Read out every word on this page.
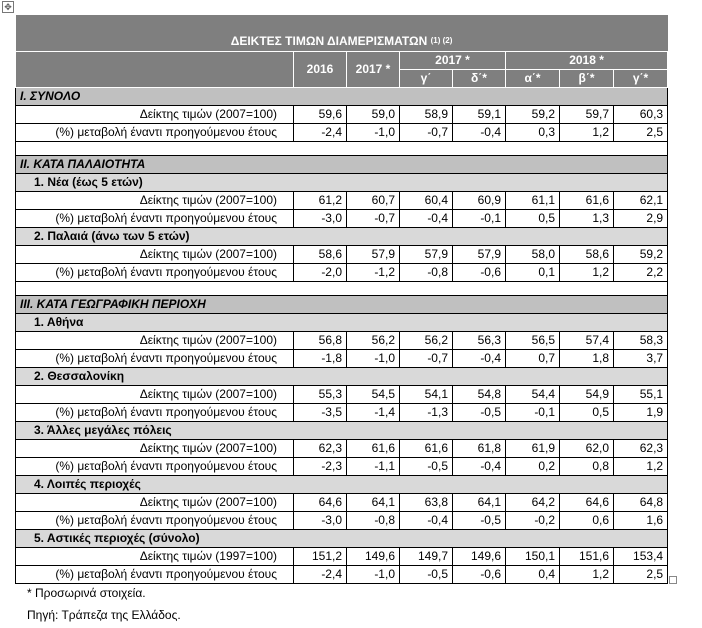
✥
ΔΕΙΚΤΕΣ ΤΙΜΩΝ ΔΙΑΜΕΡΙΣΜΑΤΩΝ $^{(1) (2)}$
	2016	2017 *	2017 *		2018 *		
			γ΄	δ΄*	α΄*	β΄*	γ΄*
I. ΣΥΝΟΛΟ							
Δείκτης τιμών (2007=100)	59,6	59,0	58,9	59,1	59,2	59,7	60,3
(%) μεταβολή έναντι προηγούμενου έτους	-2,4	-1,0	-0,7	-0,4	0,3	1,2	2,5

II. ΚΑΤΑ ΠΑΛΑΙΟΤΗΤΑ							
1. Νέα (έως 5 ετών)							
Δείκτης τιμών (2007=100)	61,2	60,7	60,4	60,9	61,1	61,6	62,1
(%) μεταβολή έναντι προηγούμενου έτους	-3,0	-0,7	-0,4	-0,1	0,5	1,3	2,9
2. Παλαιά (άνω των 5 ετών)							
Δείκτης τιμών (2007=100)	58,6	57,9	57,9	57,9	58,0	58,6	59,2
(%) μεταβολή έναντι προηγούμενου έτους	-2,0	-1,2	-0,8	-0,6	0,1	1,2	2,2

III. ΚΑΤΑ ΓΕΩΓΡΑΦΙΚΗ ΠΕΡΙΟΧΗ							
1. Αθήνα							
Δείκτης τιμών (2007=100)	56,8	56,2	56,2	56,3	56,5	57,4	58,3
(%) μεταβολή έναντι προηγούμενου έτους	-1,8	-1,0	-0,7	-0,4	0,7	1,8	3,7
2. Θεσσαλονίκη							
Δείκτης τιμών (2007=100)	55,3	54,5	54,1	54,8	54,4	54,9	55,1
(%) μεταβολή έναντι προηγούμενου έτους	-3,5	-1,4	-1,3	-0,5	-0,1	0,5	1,9
3. Άλλες μεγάλες πόλεις							
Δείκτης τιμών (2007=100)	62,3	61,6	61,6	61,8	61,9	62,0	62,3
(%) μεταβολή έναντι προηγούμενου έτους	-2,3	-1,1	-0,5	-0,4	0,2	0,8	1,2
4. Λοιπές περιοχές							
Δείκτης τιμών (2007=100)	64,6	64,1	63,8	64,1	64,2	64,6	64,8
(%) μεταβολή έναντι προηγούμενου έτους	-3,0	-0,8	-0,4	-0,5	-0,2	0,6	1,6
5. Αστικές περιοχές (σύνολο)							
Δείκτης τιμών (1997=100)	151,2	149,6	149,7	149,6	150,1	151,6	153,4
(%) μεταβολή έναντι προηγούμενου έτους	-2,4	-1,0	-0,5	-0,6	0,4	1,2	2,5
* Προσωρινά στοιχεία.
Πηγή: Τράπεζα της Ελλάδος.
